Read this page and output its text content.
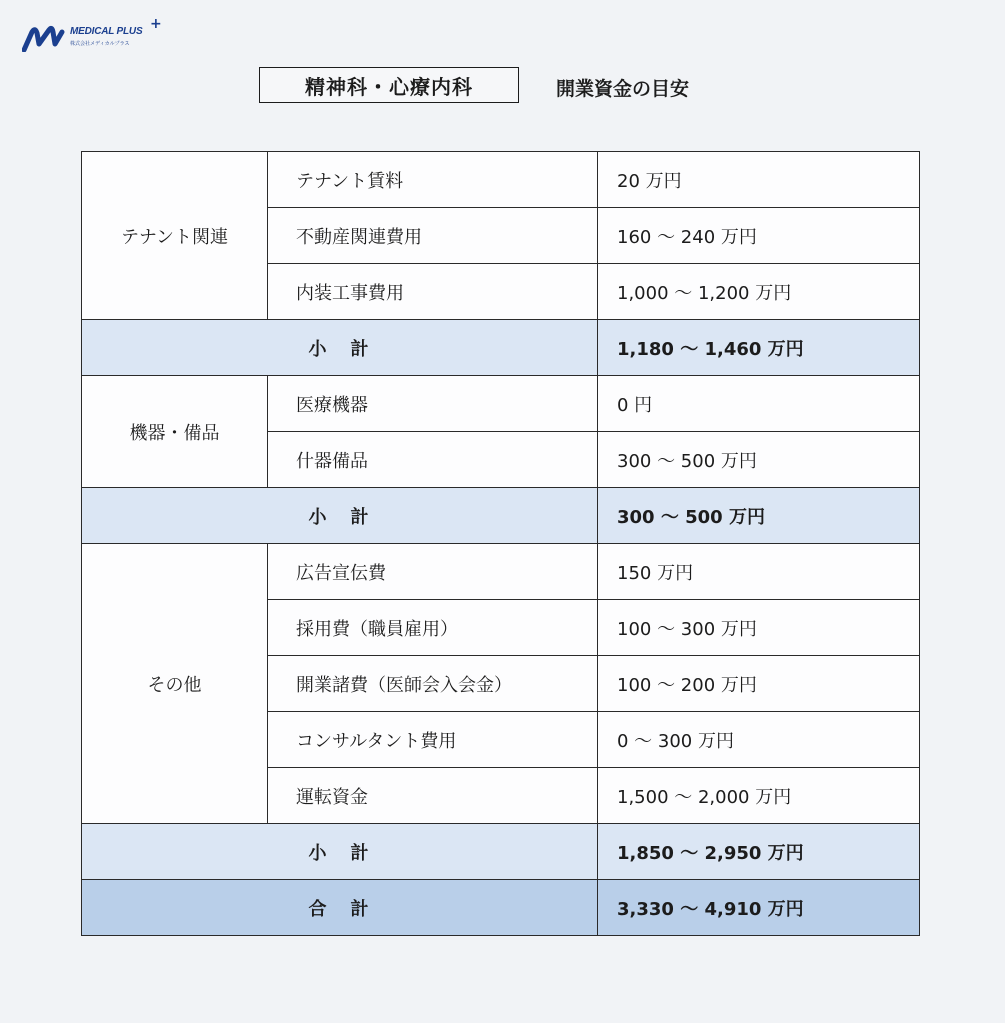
MEDICAL PLUS +
株式会社メディカルプラス
精神科・心療内科	開業資金の目安
テナント関連	テナント賃料	20 万円
	不動産関連費用	160 〜 240 万円
	内装工事費用	1,000 〜 1,200 万円
小 計		1,180 〜 1,460 万円
機器・備品	医療機器	0 円
	什器備品	300 〜 500 万円
小 計		300 〜 500 万円
その他	広告宣伝費	150 万円
	採用費（職員雇用）	100 〜 300 万円
	開業諸費（医師会入会金）	100 〜 200 万円
	コンサルタント費用	0 〜 300 万円
	運転資金	1,500 〜 2,000 万円
小 計		1,850 〜 2,950 万円
合 計		3,330 〜 4,910 万円
